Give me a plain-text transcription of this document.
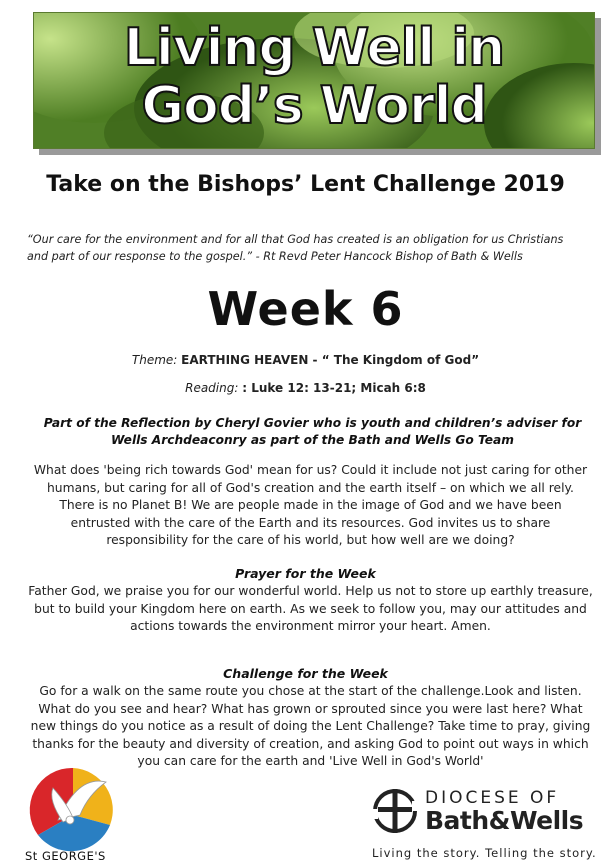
Living Well in
God’s World
Take on the Bishops’ Lent Challenge 2019
“Our care for the environment and for all that God has created is an obligation for us Christians and part of our response to the gospel.” - Rt Revd Peter Hancock Bishop of Bath & Wells
Week 6
Theme: EARTHING HEAVEN - “ The Kingdom of God”
Reading: : Luke 12: 13-21; Micah 6:8
Part of the Reflection by Cheryl Govier who is youth and children’s adviser for Wells Archdeaconry as part of the Bath and Wells Go Team
What does 'being rich towards God' mean for us? Could it include not just caring for other humans, but caring for all of God's creation and the earth itself – on which we all rely. There is no Planet B! We are people made in the image of God and we have been entrusted with the care of the Earth and its resources. God invites us to share responsibility for the care of his world, but how well are we doing?
Prayer for the Week
Father God, we praise you for our wonderful world. Help us not to store up earthly treasure, but to build your Kingdom here on earth. As we seek to follow you, may our attitudes and actions towards the environment mirror your heart. Amen.
Challenge for the Week
Go for a walk on the same route you chose at the start of the challenge.Look and listen. What do you see and hear? What has grown or sprouted since you were last here? What new things do you notice as a result of doing the Lent Challenge? Take time to pray, giving thanks for the beauty and diversity of creation, and asking God to point out ways in which you can care for the earth and 'Live Well in God's World'
St GEORGE'S
DIOCESE OF
Bath&Wells
Living the story. Telling the story.
